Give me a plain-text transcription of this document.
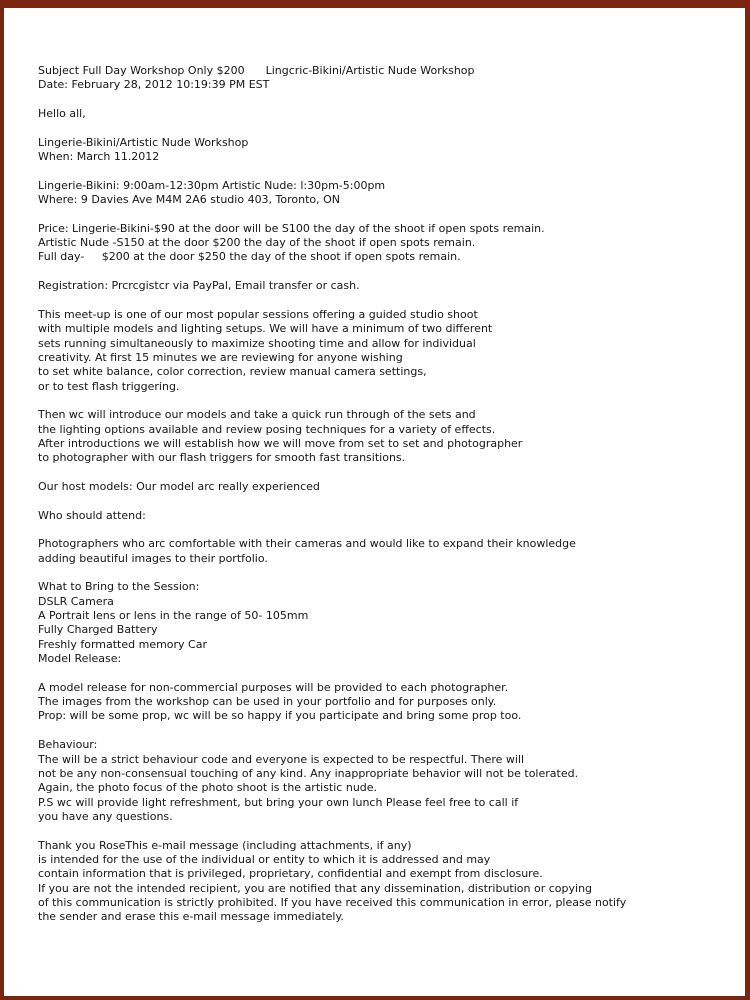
Subject Full Day Workshop Only $200      Lingcric-Bikini/Artistic Nude Workshop
Date: February 28, 2012 10:19:39 PM EST
Hello all,
Lingerie-Bikini/Artistic Nude Workshop
When: March 11.2012
Lingerie-Bikini: 9:00am-12:30pm Artistic Nude: l:30pm-5:00pm
Where: 9 Davies Ave M4M 2A6 studio 403, Toronto, ON
Price: Lingerie-Bikini-$90 at the door will be S100 the day of the shoot if open spots remain.
Artistic Nude -S150 at the door $200 the day of the shoot if open spots remain.
Full day-     $200 at the door $250 the day of the shoot if open spots remain.
Registration: Prcrcgistcr via PayPal, Email transfer or cash.
This meet-up is one of our most popular sessions offering a guided studio shoot
with multiple models and lighting setups. We will have a minimum of two different
sets running simultaneously to maximize shooting time and allow for individual
creativity. At first 15 minutes we are reviewing for anyone wishing
to set white balance, color correction, review manual camera settings,
or to test flash triggering.
Then wc will introduce our models and take a quick run through of the sets and
the lighting options available and review posing techniques for a variety of effects.
After introductions we will establish how we will move from set to set and photographer
to photographer with our flash triggers for smooth fast transitions.
Our host models: Our model arc really experienced
Who should attend:
Photographers who arc comfortable with their cameras and would like to expand their knowledge
adding beautiful images to their portfolio.
What to Bring to the Session:
DSLR Camera
A Portrait lens or lens in the range of 50- 105mm
Fully Charged Battery
Freshly formatted memory Car
Model Release:
A model release for non-commercial purposes will be provided to each photographer.
The images from the workshop can be used in your portfolio and for purposes only.
Prop: will be some prop, wc will be so happy if you participate and bring some prop too.
Behaviour:
The will be a strict behaviour code and everyone is expected to be respectful. There will
not be any non-consensual touching of any kind. Any inappropriate behavior will not be tolerated.
Again, the photo focus of the photo shoot is the artistic nude.
P.S wc will provide light refreshment, but bring your own lunch Please feel free to call if
you have any questions.
Thank you RoseThis e-mail message (including attachments, if any)
is intended for the use of the individual or entity to which it is addressed and may
contain information that is privileged, proprietary, confidential and exempt from disclosure.
If you are not the intended recipient, you are notified that any dissemination, distribution or copying
of this communication is strictly prohibited. If you have received this communication in error, please notify
the sender and erase this e-mail message immediately.
